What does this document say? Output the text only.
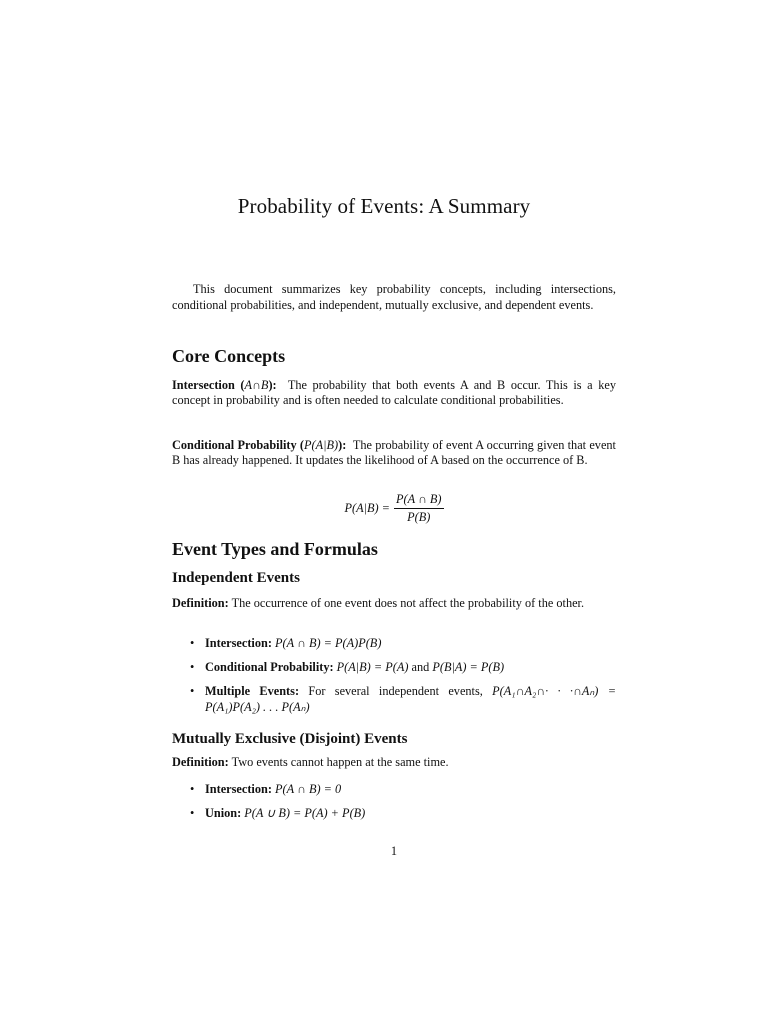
Probability of Events: A Summary
This document summarizes key probability concepts, including intersections, conditional probabilities, and independent, mutually exclusive, and dependent events.
Core Concepts
Intersection (A∩B): The probability that both events A and B occur. This is a key concept in probability and is often needed to calculate conditional probabilities.
Conditional Probability (P(A|B)): The probability of event A occurring given that event B has already happened. It updates the likelihood of A based on the occurrence of B.
$P(A|B) = \frac{P(A \cap B)}{P(B)}$
Event Types and Formulas
Independent Events
Definition: The occurrence of one event does not affect the probability of the other.
• Intersection: P(A ∩ B) = P(A)P(B)
• Conditional Probability: P(A|B) = P(A) and P(B|A) = P(B)
• Multiple Events: For several independent events, P(A₁∩A₂∩· · ·∩Aₙ) = P(A₁)P(A₂) . . . P(Aₙ)
Mutually Exclusive (Disjoint) Events
Definition: Two events cannot happen at the same time.
• Intersection: P(A ∩ B) = 0
• Union: P(A ∪ B) = P(A) + P(B)
1
